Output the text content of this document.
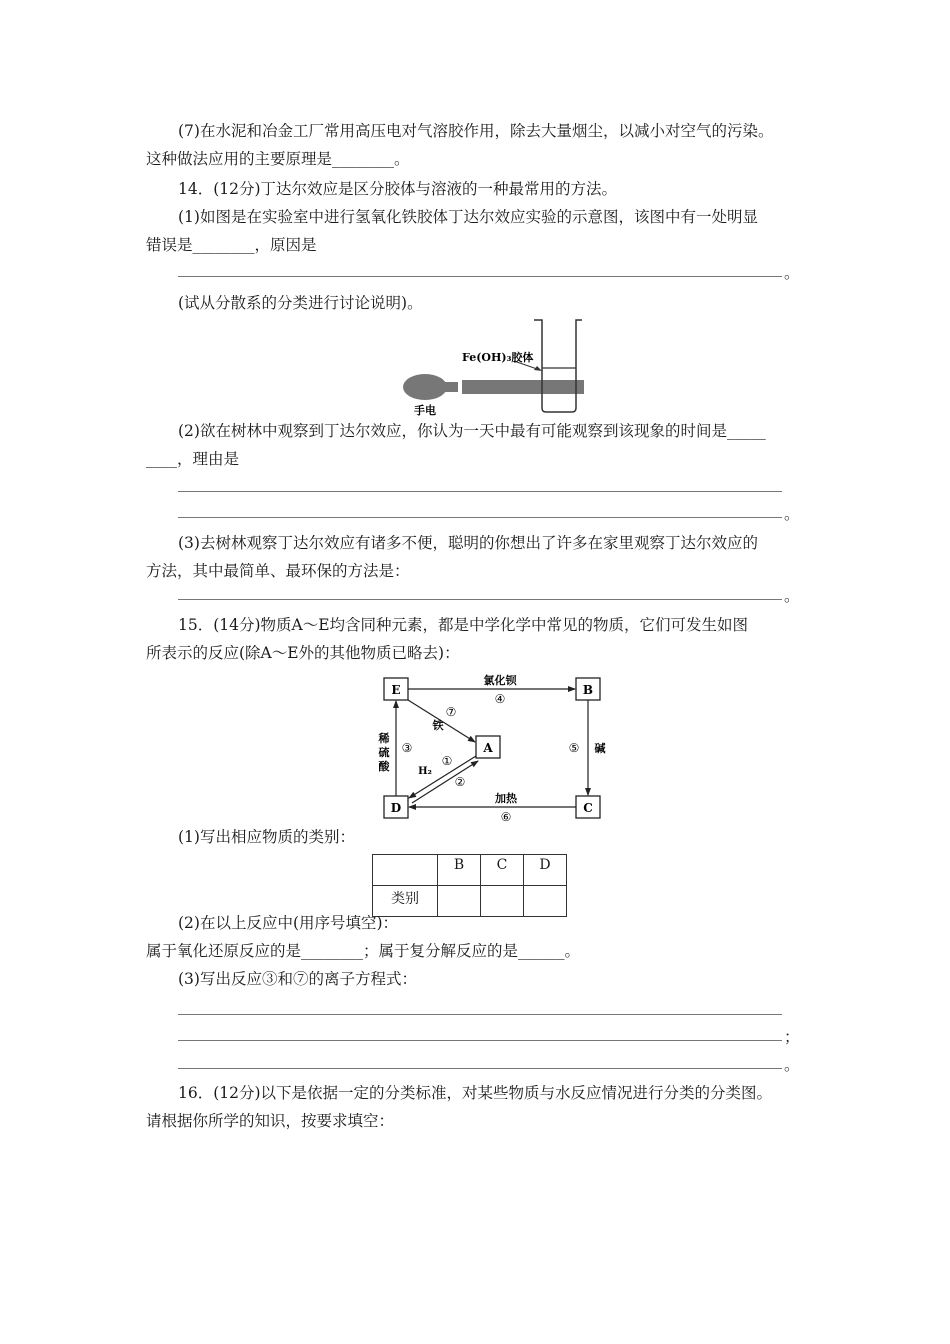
(7)在水泥和冶金工厂常用高压电对气溶胶作用，除去大量烟尘，以减小对空气的污染。
这种做法应用的主要原理是________。
14．(12分)丁达尔效应是区分胶体与溶液的一种最常用的方法。
(1)如图是在实验室中进行氢氧化铁胶体丁达尔效应实验的示意图，该图中有一处明显
错误是________，原因是
。
(试从分散系的分类进行讨论说明)。
Fe(OH)₃胶体
手电
(2)欲在树林中观察到丁达尔效应，你认为一天中最有可能观察到该现象的时间是_____
____，理由是
。
(3)去树林观察丁达尔效应有诸多不便，聪明的你想出了许多在家里观察丁达尔效应的
方法，其中最简单、最环保的方法是：
。
15．(14分)物质A～E均含同种元素，都是中学化学中常见的物质，它们可发生如图
所表示的反应(除A～E外的其他物质已略去)：
E	B
A
D	C
氯化钡
④
⑦
铁
稀
硫
酸
③	⑤ 碱
H₂
①
②
加热
⑥
(1)写出相应物质的类别：
	B	C	D
类别			
(2)在以上反应中(用序号填空)：
属于氧化还原反应的是________；属于复分解反应的是______。
(3)写出反应③和⑦的离子方程式：
；
。
16．(12分)以下是依据一定的分类标准，对某些物质与水反应情况进行分类的分类图。
请根据你所学的知识，按要求填空：
